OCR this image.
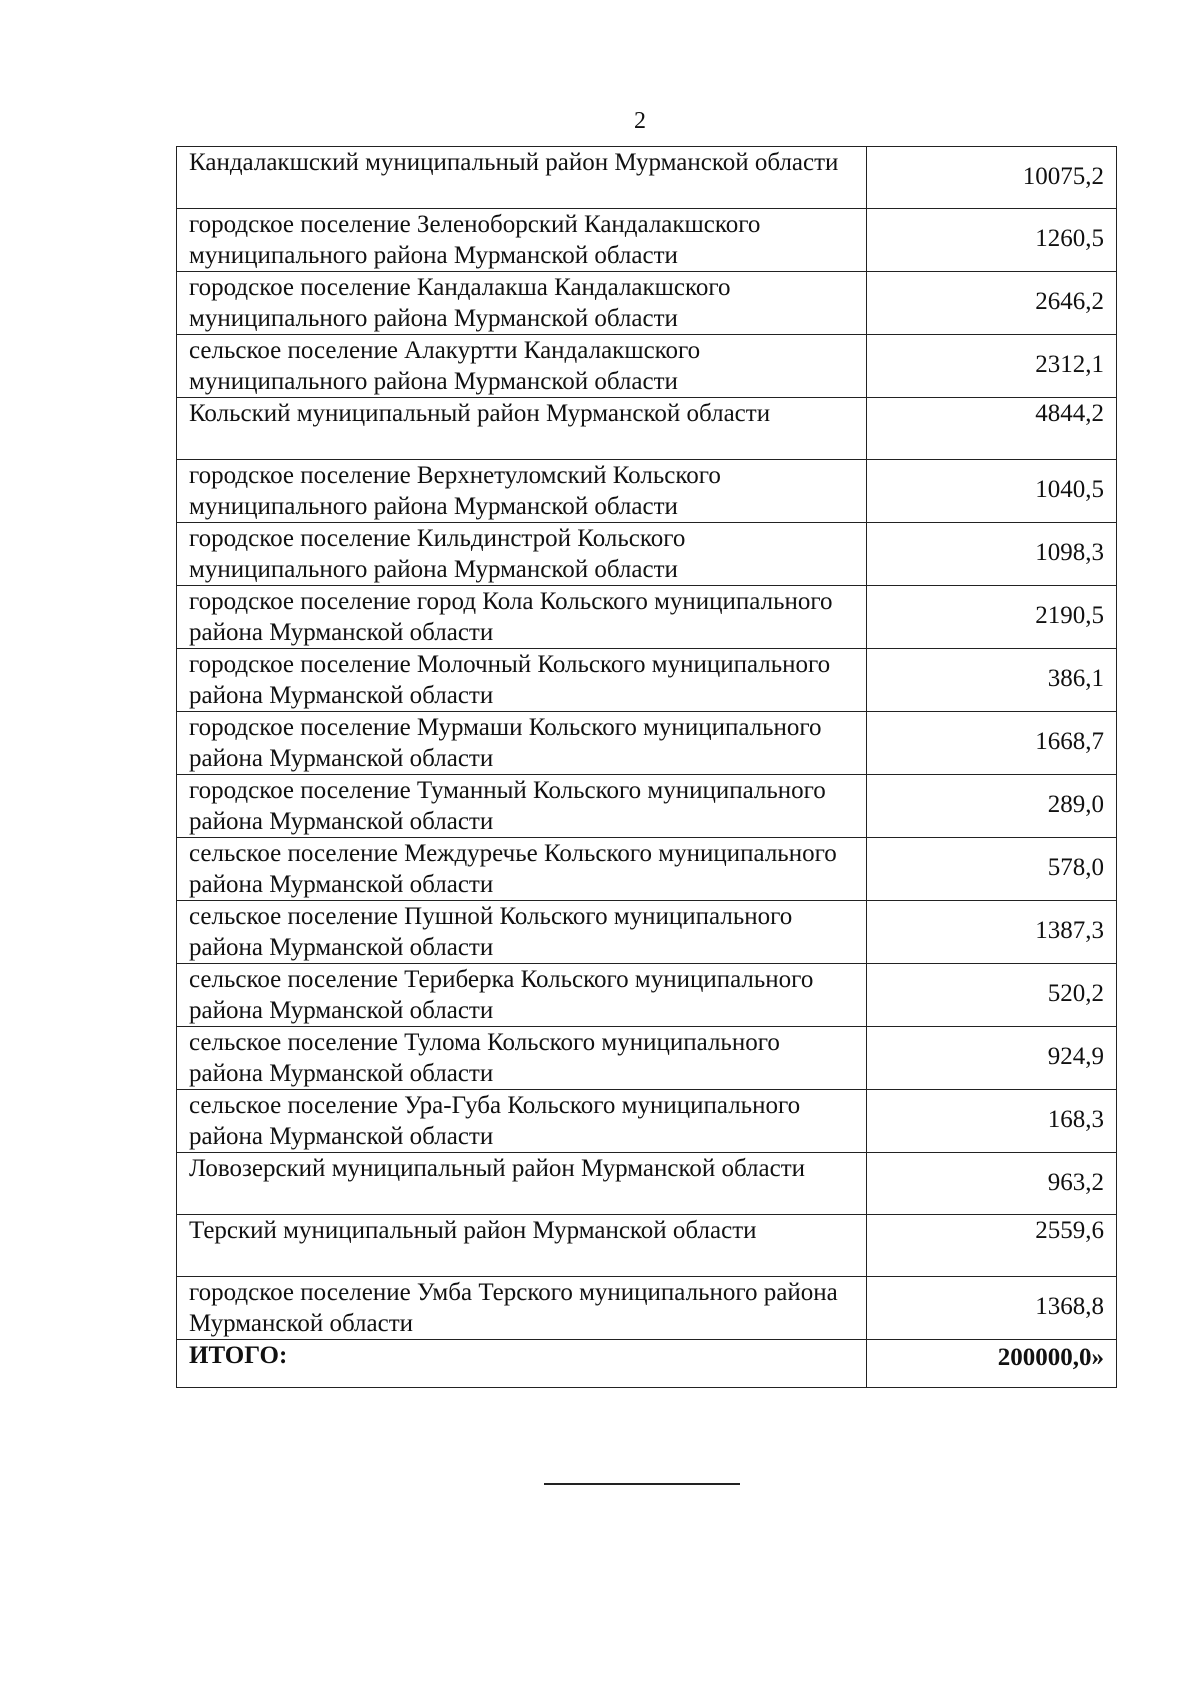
2
Кандалакшский муниципальный район Мурманской области	10075,2
городское поселение Зеленоборский Кандалакшского муниципального района Мурманской области	1260,5
городское поселение Кандалакша Кандалакшского муниципального района Мурманской области	2646,2
сельское поселение Алакуртти Кандалакшского муниципального района Мурманской области	2312,1
Кольский муниципальный район Мурманской области	4844,2
городское поселение Верхнетуломский Кольского муниципального района Мурманской области	1040,5
городское поселение Кильдинстрой Кольского муниципального района Мурманской области	1098,3
городское поселение город Кола Кольского муниципального района Мурманской области	2190,5
городское поселение Молочный Кольского муниципального района Мурманской области	386,1
городское поселение Мурмаши Кольского муниципального района Мурманской области	1668,7
городское поселение Туманный Кольского муниципального района Мурманской области	289,0
сельское поселение Междуречье Кольского муниципального района Мурманской области	578,0
сельское поселение Пушной Кольского муниципального района Мурманской области	1387,3
сельское поселение Териберка Кольского муниципального района Мурманской области	520,2
сельское поселение Тулома Кольского муниципального района Мурманской области	924,9
сельское поселение Ура-Губа Кольского муниципального района Мурманской области	168,3
Ловозерский муниципальный район Мурманской области	963,2
Терский муниципальный район Мурманской области	2559,6
городское поселение Умба Терского муниципального района Мурманской области	1368,8
ИТОГО:	200000,0»
